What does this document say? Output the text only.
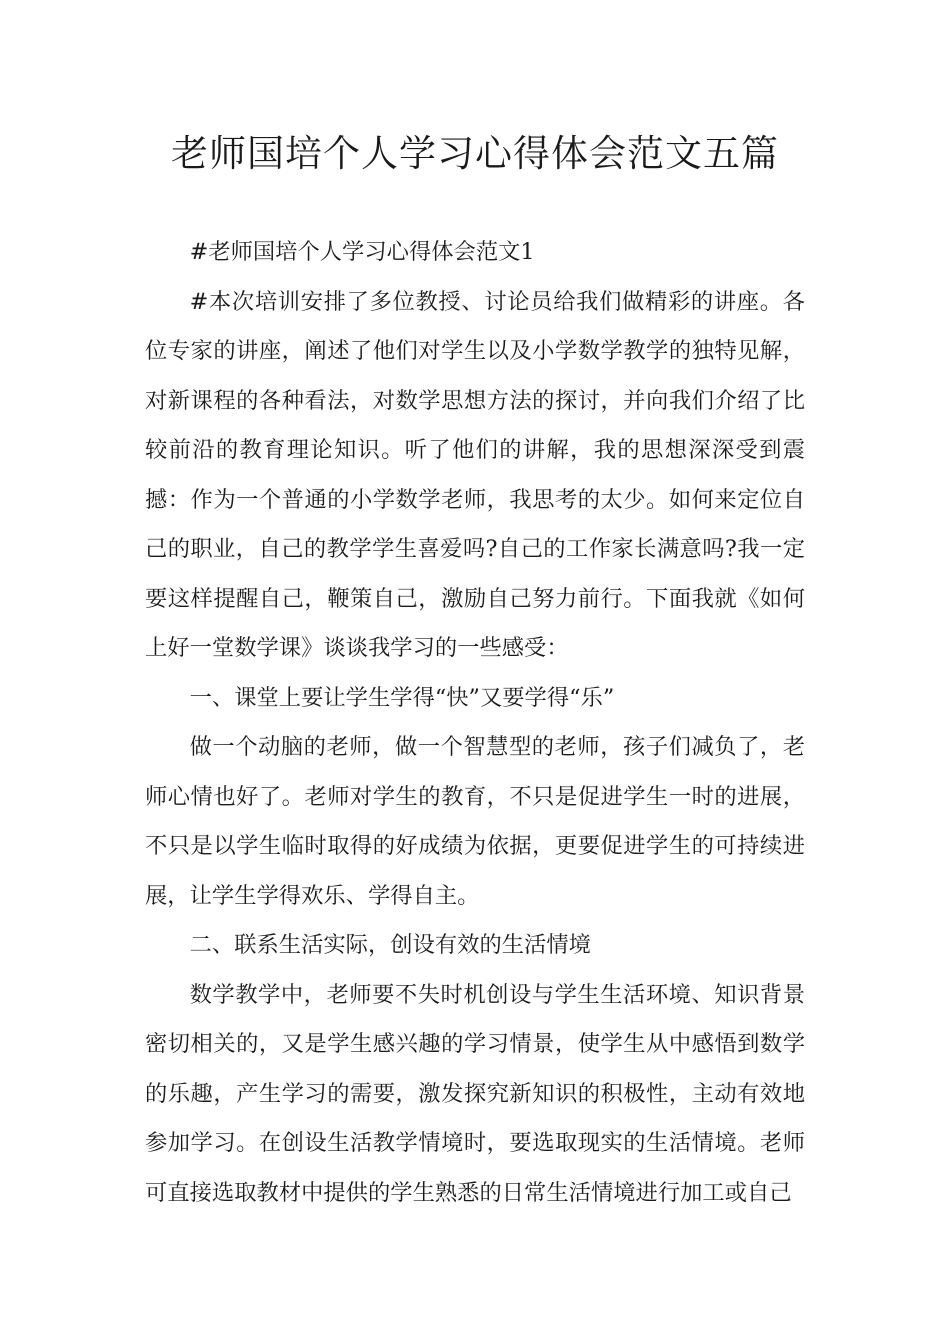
老师国培个人学习心得体会范文五篇

#老师国培个人学习心得体会范文1

#本次培训安排了多位教授、讨论员给我们做精彩的讲座。各位专家的讲座，阐述了他们对学生以及小学数学教学的独特见解，对新课程的各种看法，对数学思想方法的探讨，并向我们介绍了比较前沿的教育理论知识。听了他们的讲解，我的思想深深受到震撼：作为一个普通的小学数学老师，我思考的太少。如何来定位自己的职业，自己的教学学生喜爱吗?自己的工作家长满意吗?我一定要这样提醒自己，鞭策自己，激励自己努力前行。下面我就《如何上好一堂数学课》谈谈我学习的一些感受：

一、课堂上要让学生学得“快”又要学得“乐”

做一个动脑的老师，做一个智慧型的老师，孩子们减负了，老师心情也好了。老师对学生的教育，不只是促进学生一时的进展，不只是以学生临时取得的好成绩为依据，更要促进学生的可持续进展，让学生学得欢乐、学得自主。

二、联系生活实际，创设有效的生活情境

数学教学中，老师要不失时机创设与学生生活环境、知识背景密切相关的，又是学生感兴趣的学习情景，使学生从中感悟到数学的乐趣，产生学习的需要，激发探究新知识的积极性，主动有效地参加学习。在创设生活教学情境时，要选取现实的生活情境。老师可直接选取教材中提供的学生熟悉的日常生活情境进行加工或自己
